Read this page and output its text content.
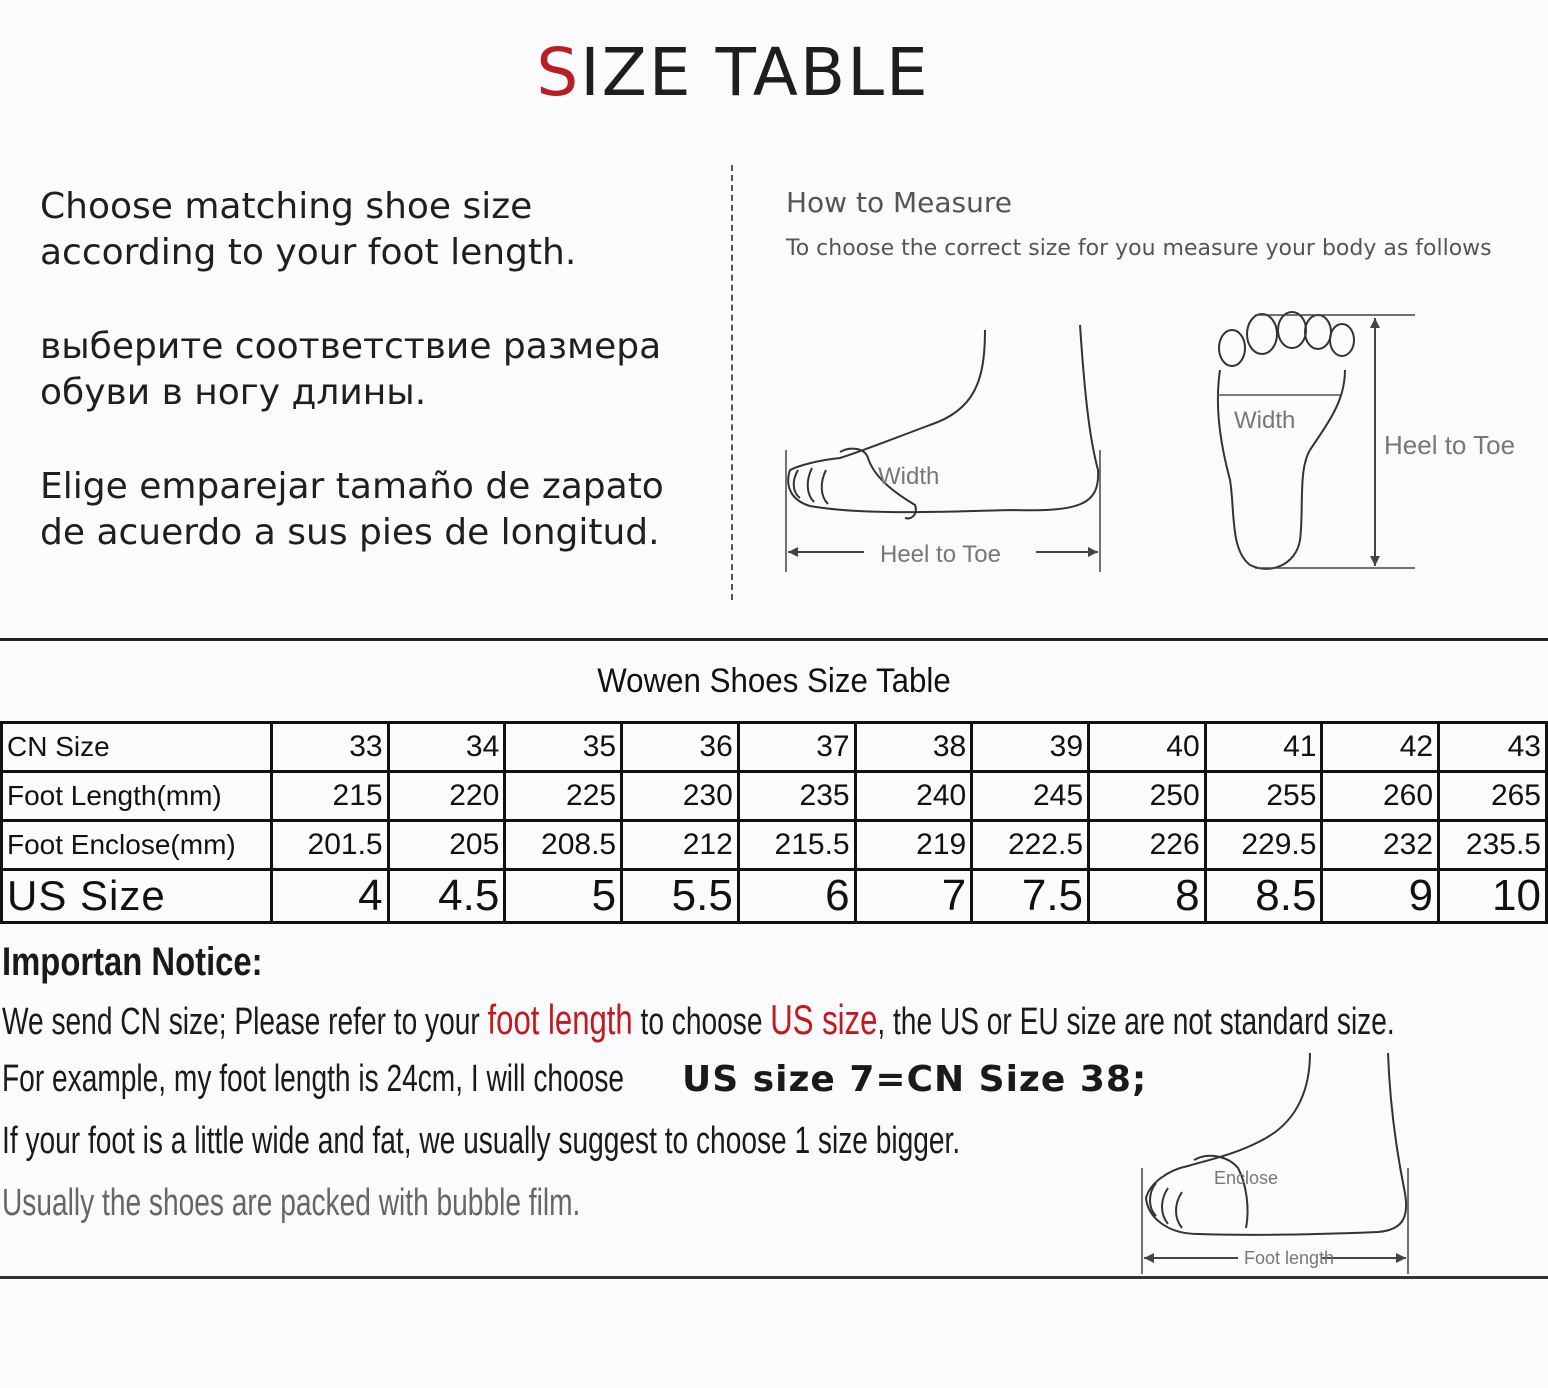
SIZE TABLE

Choose matching shoe size

according to your foot length.

выберите соответствие размера

обуви в ногу длины.

Elige emparejar tamaño de zapato

de acuerdo a sus pies de longitud.

How to Measure
To choose the correct size for you measure your body as follows
Width
Heel to Toe
Width
Heel to Toe
Wowen Shoes Size Table
CN Size	33	34	35	36	37	38	39	40	41	42	43
Foot Length(mm)	215	220	225	230	235	240	245	250	255	260	265
Foot Enclose(mm)	201.5	205	208.5	212	215.5	219	222.5	226	229.5	232	235.5
US Size	4	4.5	5	5.5	6	7	7.5	8	8.5	9	10
Importan Notice:
We send CN size; Please refer to your foot length to choose US size, the US or EU size are not standard size.
For example, my foot length is 24cm, I will chooseUS size 7=CN Size 38;
If your foot is a little wide and fat, we usually suggest to choose 1 size bigger.
Usually the shoes are packed with bubble film.
Enclose
Foot length
